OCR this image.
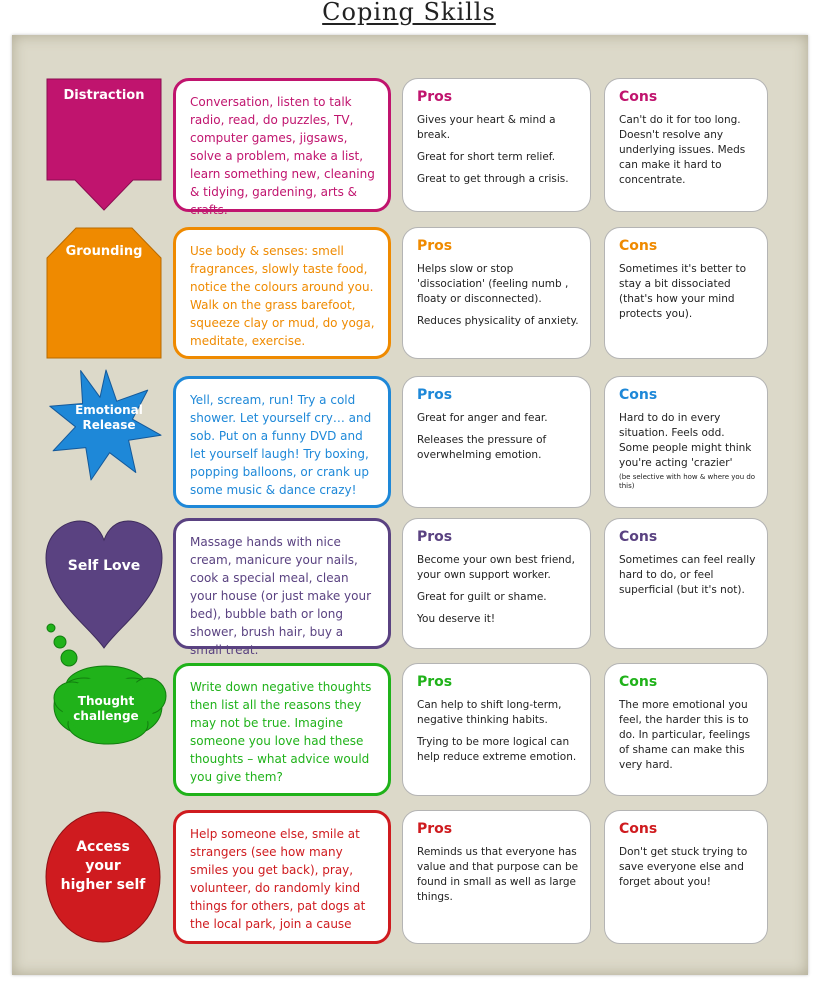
Coping Skills
Distraction	Conversation, listen to talk radio, read, do puzzles, TV, computer games, jigsaws, solve a problem, make a list, learn something new, cleaning & tidying, gardening, arts & crafts.
Pros

Gives your heart & mind a break.

Great for short term relief.

Great to get through a crisis.

Cons

Can't do it for too long. Doesn't resolve any underlying issues. Meds can make it hard to concentrate.

Grounding	Use body & senses: smell fragrances, slowly taste food, notice the colours around you. Walk on the grass barefoot, squeeze clay or mud, do yoga, meditate, exercise.
Pros

Helps slow or stop 'dissociation' (feeling numb , floaty or disconnected).

Reduces physicality of anxiety.

Cons

Sometimes it's better to stay a bit dissociated (that's how your mind protects you).

Emotional Release
Yell, scream, run! Try a cold shower. Let yourself cry… and sob. Put on a funny DVD and let yourself laugh! Try boxing, popping balloons, or crank up some music & dance crazy!
Pros

Great for anger and fear.

Releases the pressure of overwhelming emotion.

Cons

Hard to do in every situation. Feels odd. Some people might think you're acting 'crazier'

(be selective with how & where you do this)

Self Love
Massage hands with nice cream, manicure your nails, cook a special meal, clean your house (or just make your bed), bubble bath or long shower, brush hair, buy a small treat.
Pros

Become your own best friend, your own support worker.

Great for guilt or shame.

You deserve it!

Cons

Sometimes can feel really hard to do, or feel superficial (but it's not).

Thought challenge
Write down negative thoughts then list all the reasons they may not be true. Imagine someone you love had these thoughts – what advice would you give them?
Pros

Can help to shift long-term, negative thinking habits.

Trying to be more logical can help reduce extreme emotion.

Cons

The more emotional you feel, the harder this is to do. In particular, feelings of shame can make this very hard.

Access your higher self
Help someone else, smile at strangers (see how many smiles you get back), pray, volunteer, do randomly kind things for others, pat dogs at the local park, join a cause
Pros

Reminds us that everyone has value and that purpose can be found in small as well as large things.

Cons

Don't get stuck trying to save everyone else and forget about you!
